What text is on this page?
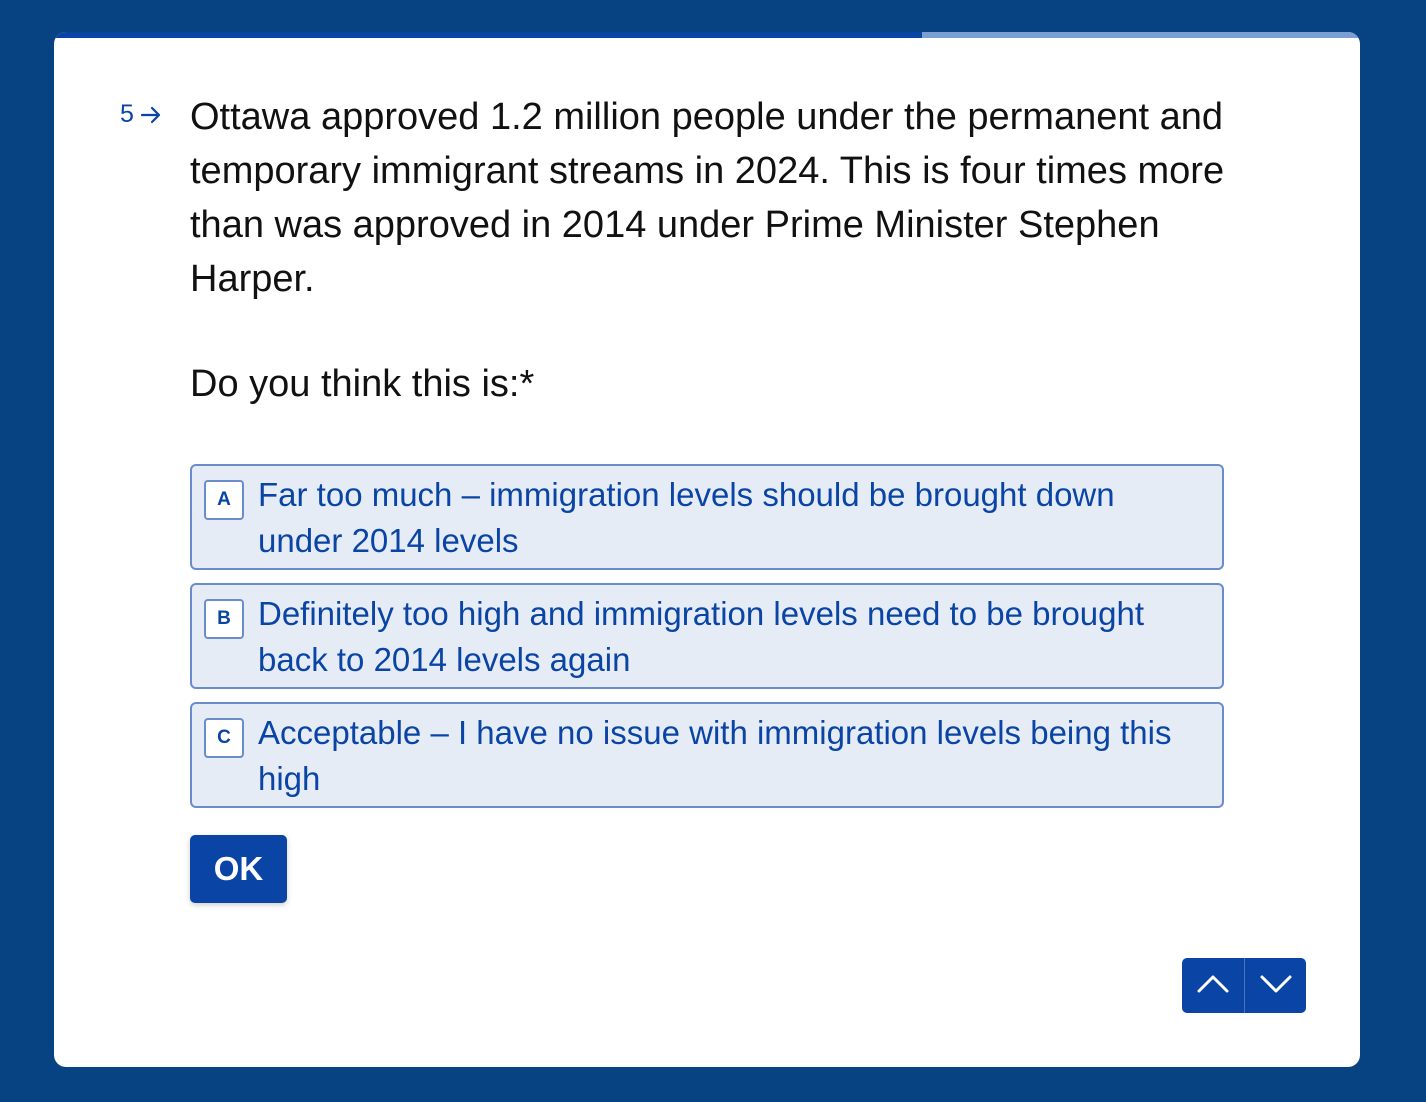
5 Ottawa approved 1.2 million people under the permanent and temporary immigrant streams in 2024. This is four times more than was approved in 2014 under Prime Minister Stephen Harper.

Do you think this is:*

A Far too much – immigration levels should be brought down under 2014 levels
B Definitely too high and immigration levels need to be brought back to 2014 levels again
C Acceptable – I have no issue with immigration levels being this high
OK
